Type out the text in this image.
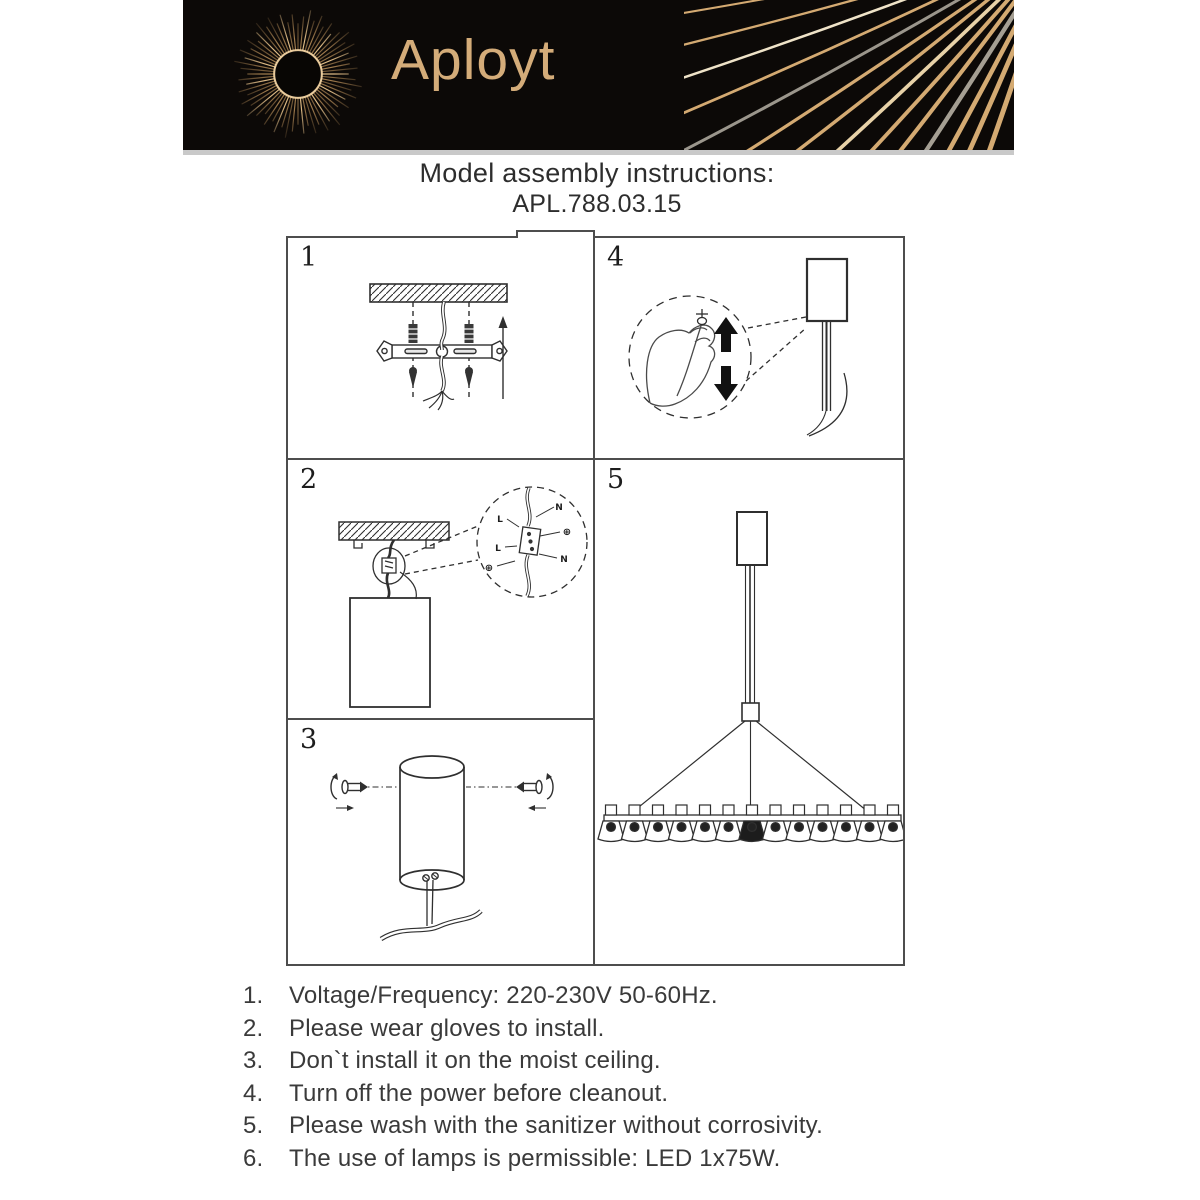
Aployt
Model assembly instructions:
APL.788.03.15
1
2
N
L
⊕
L
N
⊕
3
4
5
1.	Voltage/Frequency: 220-230V 50-60Hz.
2.	Please wear gloves to install.
3.	Don`t install it on the moist ceiling.
4.	Turn off the power before cleanout.
5.	Please wash with the sanitizer without corrosivity.
6.	The use of lamps is permissible: LED 1x75W.
